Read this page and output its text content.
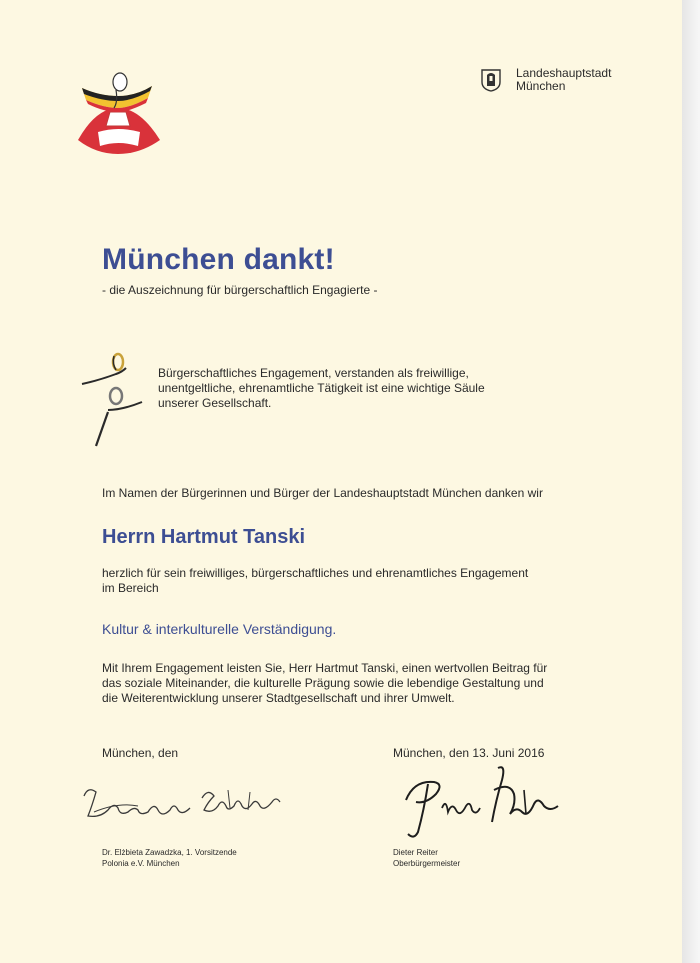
Landeshauptstadt
München
München dankt!
- die Auszeichnung für bürgerschaftlich Engagierte -
Bürgerschaftliches Engagement, verstanden als freiwillige,
unentgeltliche, ehrenamtliche Tätigkeit ist eine wichtige Säule
unserer Gesellschaft.
Im Namen der Bürgerinnen und Bürger der Landeshauptstadt München danken wir
Herrn Hartmut Tanski
herzlich für sein freiwilliges, bürgerschaftliches und ehrenamtliches Engagement
im Bereich
Kultur & interkulturelle Verständigung.
Mit Ihrem Engagement leisten Sie, Herr Hartmut Tanski, einen wertvollen Beitrag für
das soziale Miteinander, die kulturelle Prägung sowie die lebendige Gestaltung und
die Weiterentwicklung unserer Stadtgesellschaft und ihrer Umwelt.
München, den	München, den 13. Juni 2016
Dr. Elżbieta Zawadzka, 1. Vorsitzende
Polonia e.V. München
Dieter Reiter
Oberbürgermeister
